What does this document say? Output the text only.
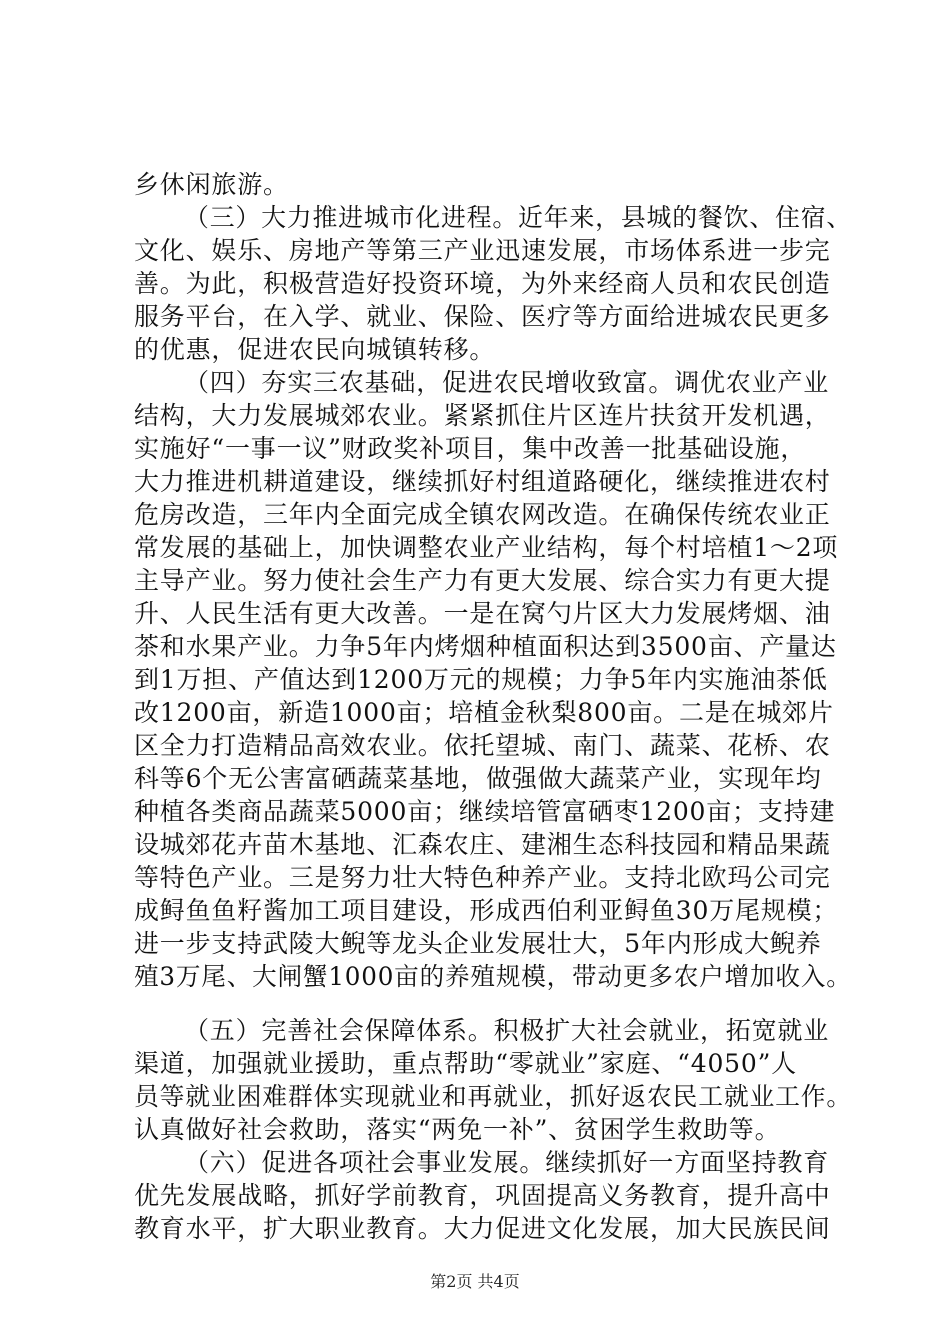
乡休闲旅游。
（三）大力推进城市化进程。近年来，县城的餐饮、住宿、
文化、娱乐、房地产等第三产业迅速发展，市场体系进一步完
善。为此，积极营造好投资环境，为外来经商人员和农民创造
服务平台，在入学、就业、保险、医疗等方面给进城农民更多
的优惠，促进农民向城镇转移。
（四）夯实三农基础，促进农民增收致富。调优农业产业
结构，大力发展城郊农业。紧紧抓住片区连片扶贫开发机遇，
实施好“一事一议”财政奖补项目，集中改善一批基础设施，
大力推进机耕道建设，继续抓好村组道路硬化，继续推进农村
危房改造，三年内全面完成全镇农网改造。在确保传统农业正
常发展的基础上，加快调整农业产业结构，每个村培植1～2项
主导产业。努力使社会生产力有更大发展、综合实力有更大提
升、人民生活有更大改善。一是在窝勺片区大力发展烤烟、油
茶和水果产业。力争5年内烤烟种植面积达到3500亩、产量达
到1万担、产值达到1200万元的规模；力争5年内实施油茶低
改1200亩，新造1000亩；培植金秋梨800亩。二是在城郊片
区全力打造精品高效农业。依托望城、南门、蔬菜、花桥、农
科等6个无公害富硒蔬菜基地，做强做大蔬菜产业，实现年均
种植各类商品蔬菜5000亩；继续培管富硒枣1200亩；支持建
设城郊花卉苗木基地、汇森农庄、建湘生态科技园和精品果蔬
等特色产业。三是努力壮大特色种养产业。支持北欧玛公司完
成鲟鱼鱼籽酱加工项目建设，形成西伯利亚鲟鱼30万尾规模；
进一步支持武陵大鲵等龙头企业发展壮大，5年内形成大鲵养
殖3万尾、大闸蟹1000亩的养殖规模，带动更多农户增加收入。
（五）完善社会保障体系。积极扩大社会就业，拓宽就业
渠道，加强就业援助，重点帮助“零就业”家庭、“4050”人
员等就业困难群体实现就业和再就业，抓好返农民工就业工作。
认真做好社会救助，落实“两免一补”、贫困学生救助等。
（六）促进各项社会事业发展。继续抓好一方面坚持教育
优先发展战略，抓好学前教育，巩固提高义务教育，提升高中
教育水平，扩大职业教育。大力促进文化发展，加大民族民间
第2页 共4页
